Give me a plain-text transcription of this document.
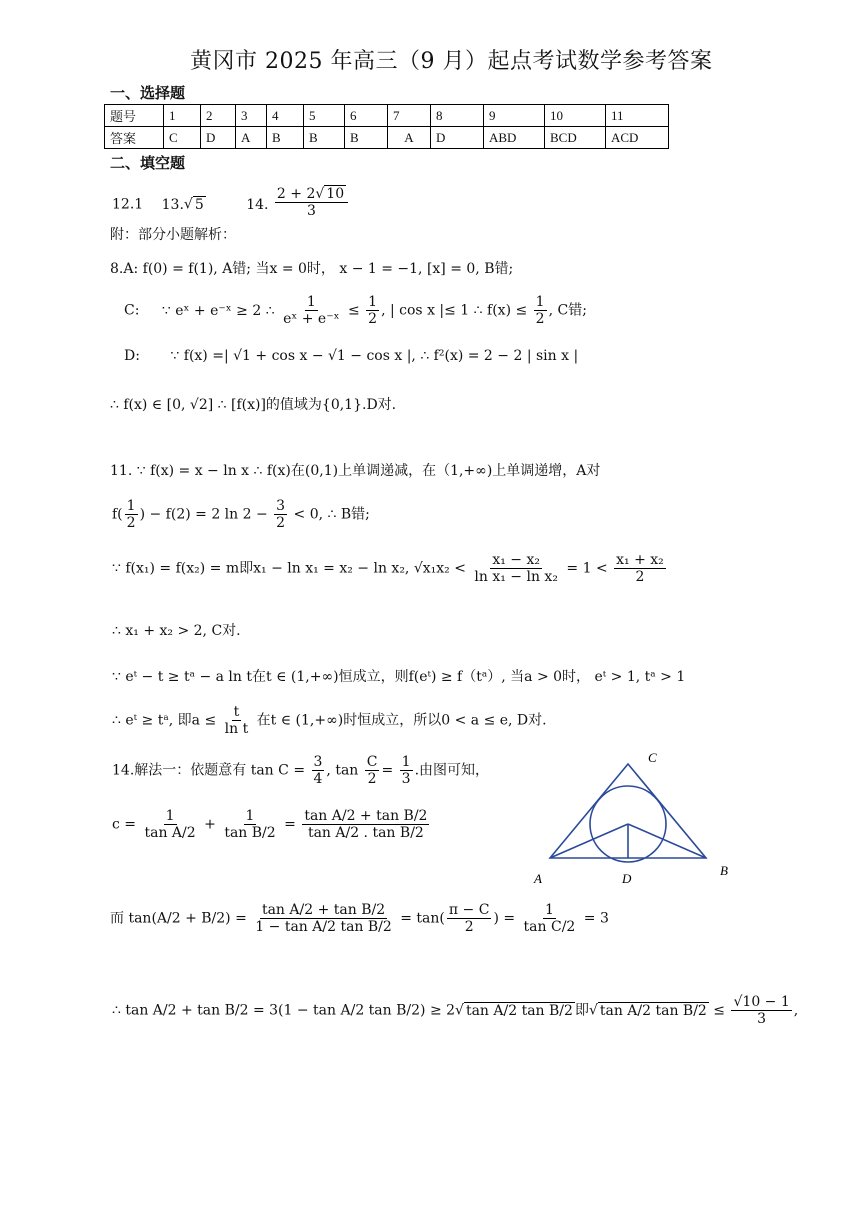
黄冈市 2025 年高三（9 月）起点考试数学参考答案
一、选择题
题号	1	2	3	4	5	6	7	8	9	10	11
答案	C	D	A	B	B	B	A	D	ABD	BCD	ACD
二、填空题
12.1 13.√ 5	14. $\frac{2 + 2√ 10}{3}$
附：部分小题解析：
8.A: f(0) = f(1), A错; 当x = 0时， x − 1 = −1, [x] = 0, B错;
C: ∵ eˣ + e⁻ˣ ≥ 2 ∴ $\frac{1}{\text{eˣ + e⁻ˣ}} \le \frac{1}{2}$ , | cos x |≤ 1 ∴ $f(x) \le \frac{1}{2}$ , C错;
D: ∵ f(x) =| √1 + cos x − √1 − cos x |, ∴ f²(x) = 2 − 2 | sin x |
∴ f(x) ∈ [0, √2] ∴ [f(x)]的值域为{0,1}.D对.
11. ∵ f(x) = x − ln x ∴ f(x)在(0,1)上单调递减，在（1,+∞)上单调递增，A对
$f( \frac{1}{2}$ ) − f(2) = 2 $\ln 2 - \frac{3}{2} < 0$, ∴ B错;
∵ f(x₁) = f(x₂) = m即x₁ − ln x₁ = x₂ − ln x₂, $√x_1x_2 < \frac{\text{x₁ − x₂}}{\text{ln x₁ − ln x₂}} = 1 < \frac{\text{x₁ + x₂}}{2}$
∴ x₁ + x₂ > 2, C对.
∵ eᵗ − t ≥ tᵃ − a ln t在t ∈ (1,+∞)恒成立，则f(eᵗ) ≥ f（tᵃ）, 当a > 0时， eᵗ > 1, tᵃ > 1
∴ eᵗ ≥ tᵃ, 即$a \le \frac{t}{\text{ln t}}$ 在t ∈ (1,+∞)时恒成立，所以0 < a ≤ e, D对.
14.解法一：依题意有 $\tan C = \frac{3}{4}$ , $\tan \frac{C}{2} = \frac{1}{3}$ .由图可知，
$c = \frac{1}{\text{tan A/2}} + \frac{1}{\text{tan B/2}} = \frac{\text{tan A/2 + tan B/2}}{\text{tan A/2 . tan B/2}}$
而 $\tan(A/2 + B/2) = \frac{\text{tan A/2 + tan B/2}}{\text{1 − tan A/2 tan B/2}} = \tan( \frac{\pi - C}{2}$ ) = $\frac{1}{\text{tan C/2}} = 3$
∴ tan A/2 + tan B/2 = 3(1 − tan A/2 tan B/2) ≥ 2√ tan A/2 tan B/2 即√ tan A/2 $\tan B/2 \le \frac{√10 - 1}{3}$ ,
C
A	D
B
